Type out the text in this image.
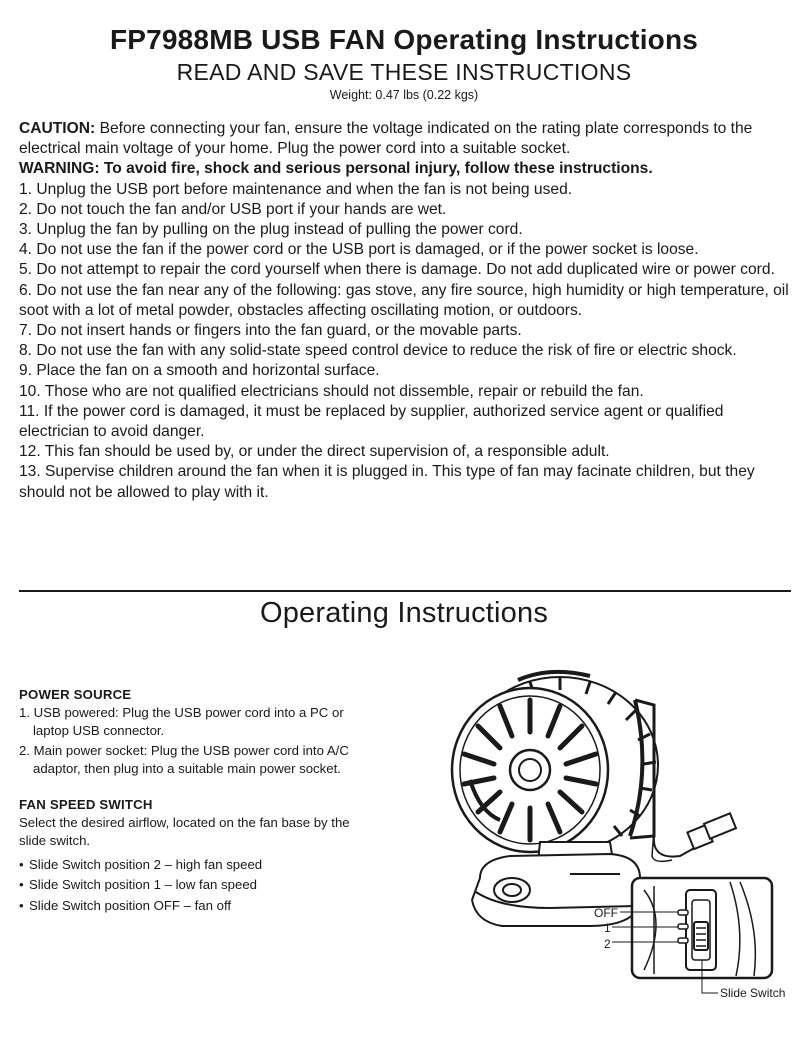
FP7988MB USB FAN Operating Instructions
READ AND SAVE THESE INSTRUCTIONS

Weight: 0.47 lbs (0.22 kgs)

CAUTION: Before connecting your fan, ensure the voltage indicated on the rating plate corresponds to the electrical main voltage of your home. Plug the power cord into a suitable socket.

WARNING: To avoid fire, shock and serious personal injury, follow these instructions.

1. Unplug the USB port before maintenance and when the fan is not being used.

2. Do not touch the fan and/or USB port if your hands are wet.

3. Unplug the fan by pulling on the plug instead of pulling the power cord.

4. Do not use the fan if the power cord or the USB port is damaged, or if the power socket is loose.

5. Do not attempt to repair the cord yourself when there is damage. Do not add duplicated wire or power cord.

6. Do not use the fan near any of the following: gas stove, any fire source, high humidity or high temperature, oil soot with a lot of metal powder, obstacles affecting oscillating motion, or outdoors.

7. Do not insert hands or fingers into the fan guard, or the movable parts.

8. Do not use the fan with any solid-state speed control device to reduce the risk of fire or electric shock.

9. Place the fan on a smooth and horizontal surface.

10. Those who are not qualified electricians should not dissemble, repair or rebuild the fan.

11. If the power cord is damaged, it must be replaced by supplier, authorized service agent or qualified electrician to avoid danger.

12. This fan should be used by, or under the direct supervision of, a responsible adult.

13. Supervise children around the fan when it is plugged in. This type of fan may facinate children, but they should not be allowed to play with it.

Operating Instructions
POWER SOURCE
1. USB powered: Plug the USB power cord into a PC or laptop USB connector.
2. Main power socket: Plug the USB power cord into A/C adaptor, then plug into a suitable main power socket.
FAN SPEED SWITCH

Select the desired airflow, located on the fan base by the slide switch.

• Slide Switch position 2 – high fan speed
• Slide Switch position 1 – low fan speed
• Slide Switch position OFF – fan off
OFF
1
2
Slide Switch
